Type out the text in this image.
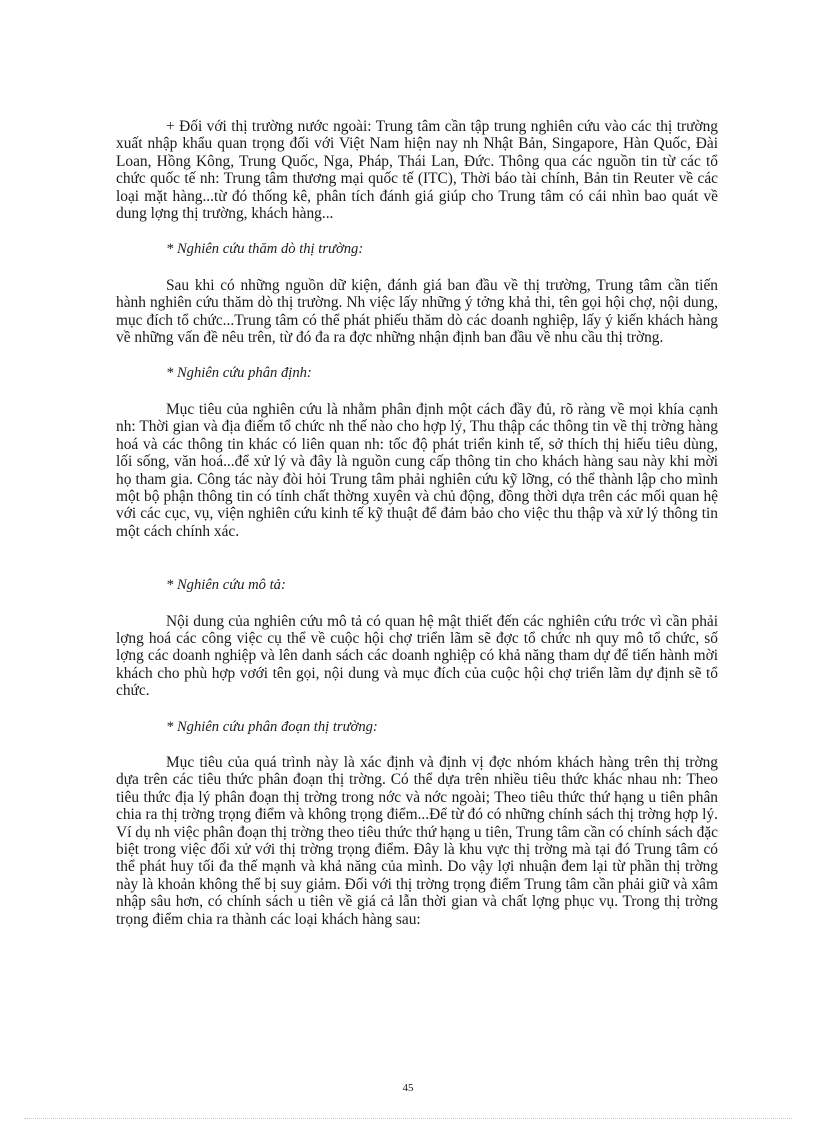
+ Đối với thị trường nước ngoài: Trung tâm cần tập trung nghiên cứu vào các thị trường xuất nhập khẩu quan trọng đối với Việt Nam hiện nay nh Nhật Bản, Singapore, Hàn Quốc, Đài Loan, Hồng Kông, Trung Quốc, Nga, Pháp, Thái Lan, Đức. Thông qua các nguồn tin từ các tổ chức quốc tế nh: Trung tâm thương mại quốc tế (ITC), Thời báo tài chính, Bản tin Reuter về các loại mặt hàng...từ đó thống kê, phân tích đánh giá giúp cho Trung tâm có cái nhìn bao quát về dung lợng thị trường, khách hàng...

* Nghiên cứu thăm dò thị trường:

Sau khi có những nguồn dữ kiện, đánh giá ban đầu về thị trường, Trung tâm cần tiến hành nghiên cứu thăm dò thị trường. Nh việc lấy những ý tởng khả thi, tên gọi hội chợ, nội dung, mục đích tổ chức...Trung tâm có thể phát phiếu thăm dò các doanh nghiệp, lấy ý kiến khách hàng về những vấn đề nêu trên, từ đó đa ra đợc những nhận định ban đầu về nhu cầu thị trờng.

* Nghiên cứu phân định:

Mục tiêu của nghiên cứu là nhằm phân định một cách đầy đủ, rõ ràng về mọi khía cạnh nh: Thời gian và địa điểm tổ chức nh thế nào cho hợp lý, Thu thập các thông tin về thị trờng hàng hoá và các thông tin khác có liên quan nh: tốc độ phát triển kinh tế, sở thích thị hiếu tiêu dùng, lối sống, văn hoá...để xử lý và đây là nguồn cung cấp thông tin cho khách hàng sau này khi mời họ tham gia. Công tác này đòi hỏi Trung tâm phải nghiên cứu kỹ lỡng, có thể thành lập cho mình một bộ phận thông tin có tính chất thờng xuyên và chủ động, đồng thời dựa trên các mối quan hệ với các cục, vụ, viện nghiên cứu kinh tế kỹ thuật để đảm bảo cho việc thu thập và xử lý thông tin một cách chính xác.

* Nghiên cứu mô tả:

Nội dung của nghiên cứu mô tả có quan hệ mật thiết đến các nghiên cứu trớc vì cần phải lợng hoá các công việc cụ thể về cuộc hội chợ triển lãm sẽ đợc tổ chức nh quy mô tổ chức, số lợng các doanh nghiệp và lên danh sách các doanh nghiệp có khả năng tham dự để tiến hành mời khách cho phù hợp vơới tên gọi, nội dung và mục đích của cuộc hội chợ triển lãm dự định sẽ tổ chức.

* Nghiên cứu phân đoạn thị trường:

Mục tiêu của quá trình này là xác định và định vị đợc nhóm khách hàng trên thị trờng dựa trên các tiêu thức phân đoạn thị trờng. Có thể dựa trên nhiều tiêu thức khác nhau nh: Theo tiêu thức địa lý phân đoạn thị trờng trong nớc và nớc ngoài; Theo tiêu thức thứ hạng u tiên phân chia ra thị trờng trọng điểm và không trọng điểm...Để từ đó có những chính sách thị trờng hợp lý. Ví dụ nh việc phân đoạn thị trờng theo tiêu thức thứ hạng u tiên, Trung tâm cần có chính sách đặc biệt trong việc đối xử với thị trờng trọng điểm. Đây là khu vực thị trờng mà tại đó Trung tâm có thể phát huy tối đa thế mạnh và khả năng của mình. Do vậy lợi nhuận đem lại từ phần thị trờng này là khoản không thể bị suy giảm. Đối với thị trờng trọng điểm Trung tâm cần phải giữ và xâm nhập sâu hơn, có chính sách u tiên về giá cả lẫn thời gian và chất lợng phục vụ. Trong thị trờng trọng điểm chia ra thành các loại khách hàng sau:

45
